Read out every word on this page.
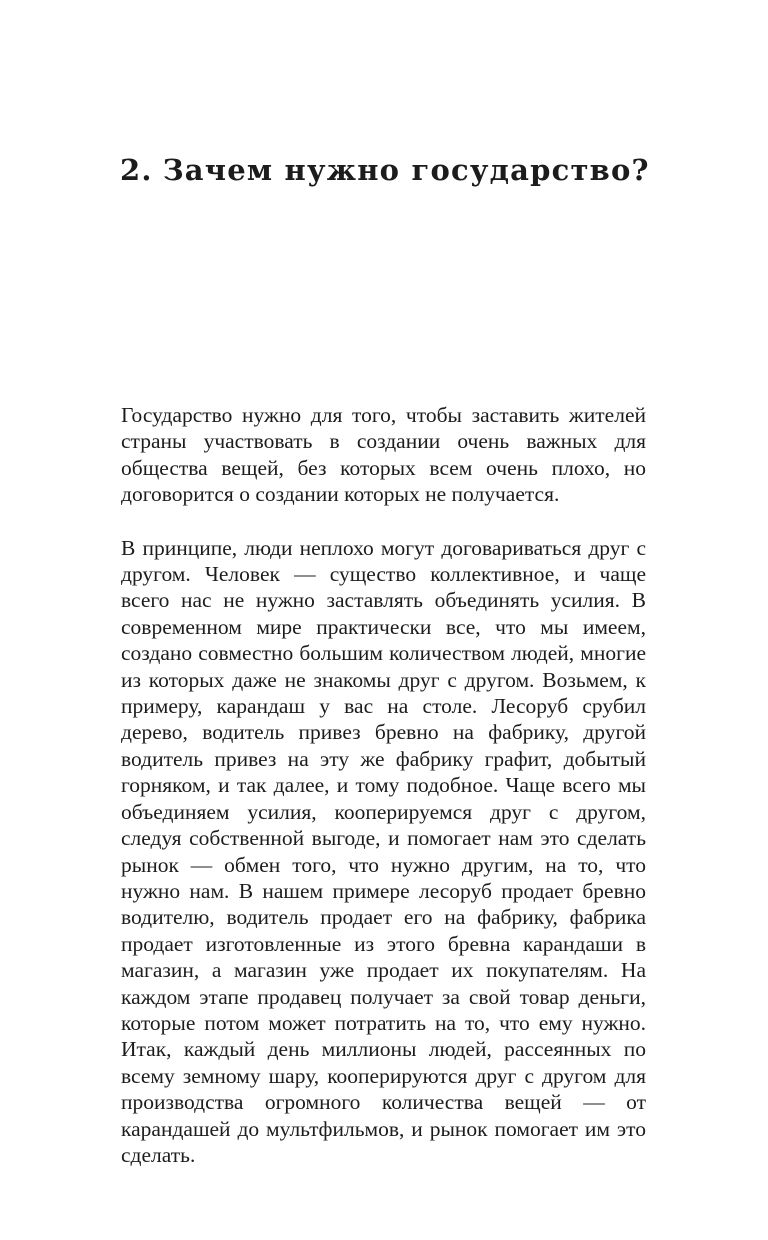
2. Зачем нужно государство?

Государство нужно для того, чтобы заставить жителей страны участвовать в создании очень важных для общества вещей, без которых всем очень плохо, но договорится о создании которых не получается.

В принципе, люди неплохо могут договариваться друг с другом. Человек — существо коллективное, и чаще всего нас не нужно заставлять объединять усилия. В современном мире практически все, что мы имеем, создано совместно большим количеством людей, многие из которых даже не знакомы друг с другом. Возьмем, к примеру, карандаш у вас на столе. Лесоруб срубил дерево, водитель привез бревно на фабрику, другой водитель привез на эту же фабрику графит, добытый горняком, и так далее, и тому подобное. Чаще всего мы объединяем усилия, кооперируемся друг с другом, следуя собственной выгоде, и помогает нам это сделать рынок — обмен того, что нужно другим, на то, что нужно нам. В нашем примере лесоруб продает бревно водителю, водитель продает его на фабрику, фабрика продает изготовленные из этого бревна карандаши в магазин, а магазин уже продает их покупателям. На каждом этапе продавец получает за свой товар деньги, которые потом может потратить на то, что ему нужно. Итак, каждый день миллионы людей, рассеянных по всему земному шару, кооперируются друг с другом для производства огромного количества вещей — от карандашей до мультфильмов, и рынок помогает им это сделать.
